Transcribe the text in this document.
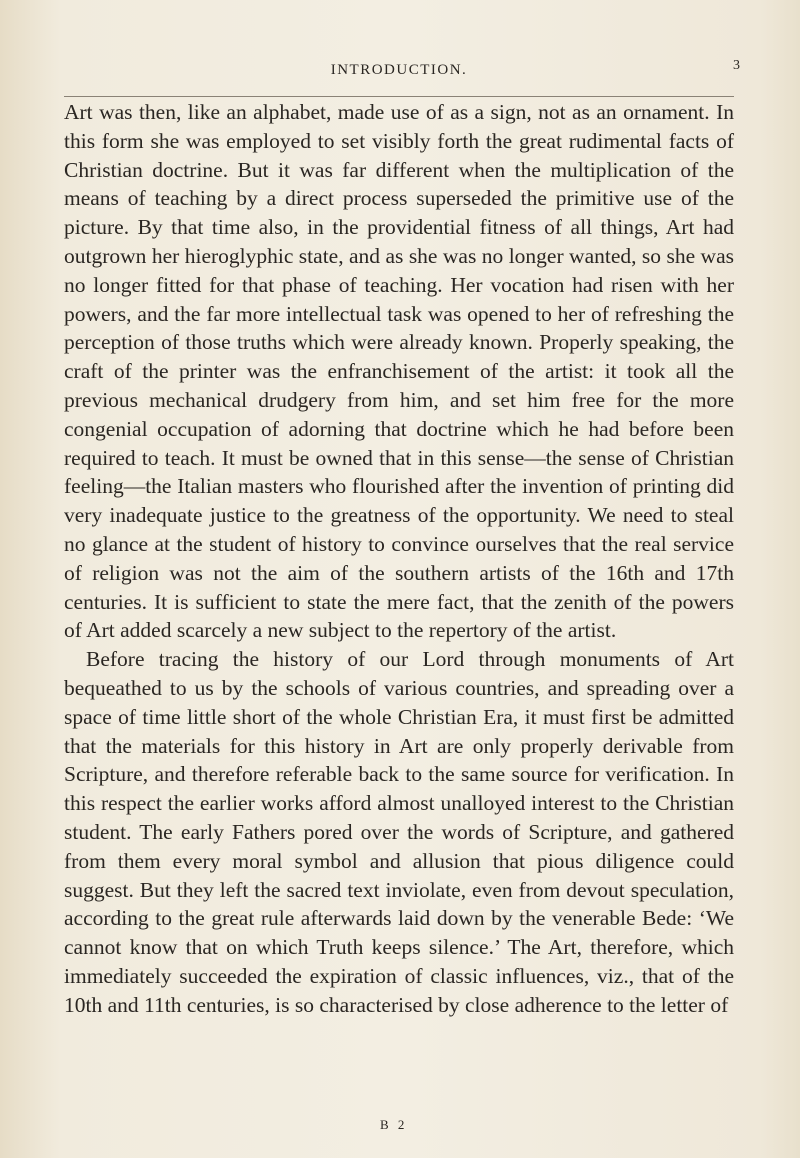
INTRODUCTION.	3

Art was then, like an alphabet, made use of as a sign, not as an ornament. In this form she was employed to set visibly forth the great rudimental facts of Christian doctrine. But it was far different when the multiplication of the means of teaching by a direct process superseded the primitive use of the picture. By that time also, in the providential fitness of all things, Art had outgrown her hieroglyphic state, and as she was no longer wanted, so she was no longer fitted for that phase of teaching. Her vocation had risen with her powers, and the far more intellectual task was opened to her of refreshing the perception of those truths which were already known. Properly speaking, the craft of the printer was the enfranchisement of the artist: it took all the previous mechanical drudgery from him, and set him free for the more congenial occupation of adorning that doctrine which he had before been required to teach. It must be owned that in this sense—the sense of Christian feeling—the Italian masters who flourished after the invention of printing did very inadequate justice to the greatness of the opportunity. We need to steal no glance at the student of history to convince ourselves that the real service of religion was not the aim of the southern artists of the 16th and 17th centuries. It is sufficient to state the mere fact, that the zenith of the powers of Art added scarcely a new subject to the repertory of the artist.

Before tracing the history of our Lord through monuments of Art bequeathed to us by the schools of various countries, and spreading over a space of time little short of the whole Christian Era, it must first be admitted that the materials for this history in Art are only properly derivable from Scripture, and therefore referable back to the same source for verification. In this respect the earlier works afford almost unalloyed interest to the Christian student. The early Fathers pored over the words of Scripture, and gathered from them every moral symbol and allusion that pious diligence could suggest. But they left the sacred text inviolate, even from devout speculation, according to the great rule afterwards laid down by the venerable Bede: ‘We cannot know that on which Truth keeps silence.’ The Art, therefore, which immediately succeeded the expiration of classic influences, viz., that of the 10th and 11th centuries, is so characterised by close adherence to the letter of

B 2
